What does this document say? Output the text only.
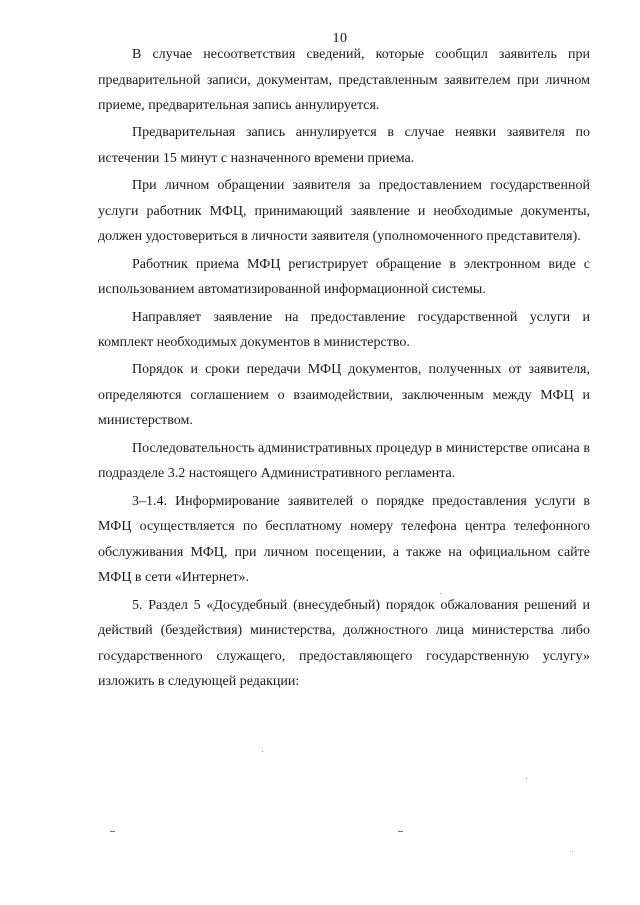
10

В случае несоответствия сведений, которые сообщил заявитель при предварительной записи, документам, представленным заявителем при личном приеме, предварительная запись аннулируется.

Предварительная запись аннулируется в случае неявки заявителя по истечении 15 минут с назначенного времени приема.

При личном обращении заявителя за предоставлением государственной услуги работник МФЦ, принимающий заявление и необходимые документы, должен удостовериться в личности заявителя (уполномоченного представителя).

Работник приема МФЦ регистрирует обращение в электронном виде с использованием автоматизированной информационной системы.

Направляет заявление на предоставление государственной услуги и комплект необходимых документов в министерство.

Порядок и сроки передачи МФЦ документов, полученных от заявителя, определяются соглашением о взаимодействии, заключенным между МФЦ и министерством.

Последовательность административных процедур в министерстве описана в подразделе 3.2 настоящего Административного регламента.

3–1.4. Информирование заявителей о порядке предоставления услуги в МФЦ осуществляется по бесплатному номеру телефона центра телефонного обслуживания МФЦ, при личном посещении, а также на официальном сайте МФЦ в сети «Интернет».

5. Раздел 5 «Досудебный (внесудебный) порядок обжалования решений и действий (бездействия) министерства, должностного лица министерства либо государственного служащего, предоставляющего государственную услугу» изложить в следующей редакции:
